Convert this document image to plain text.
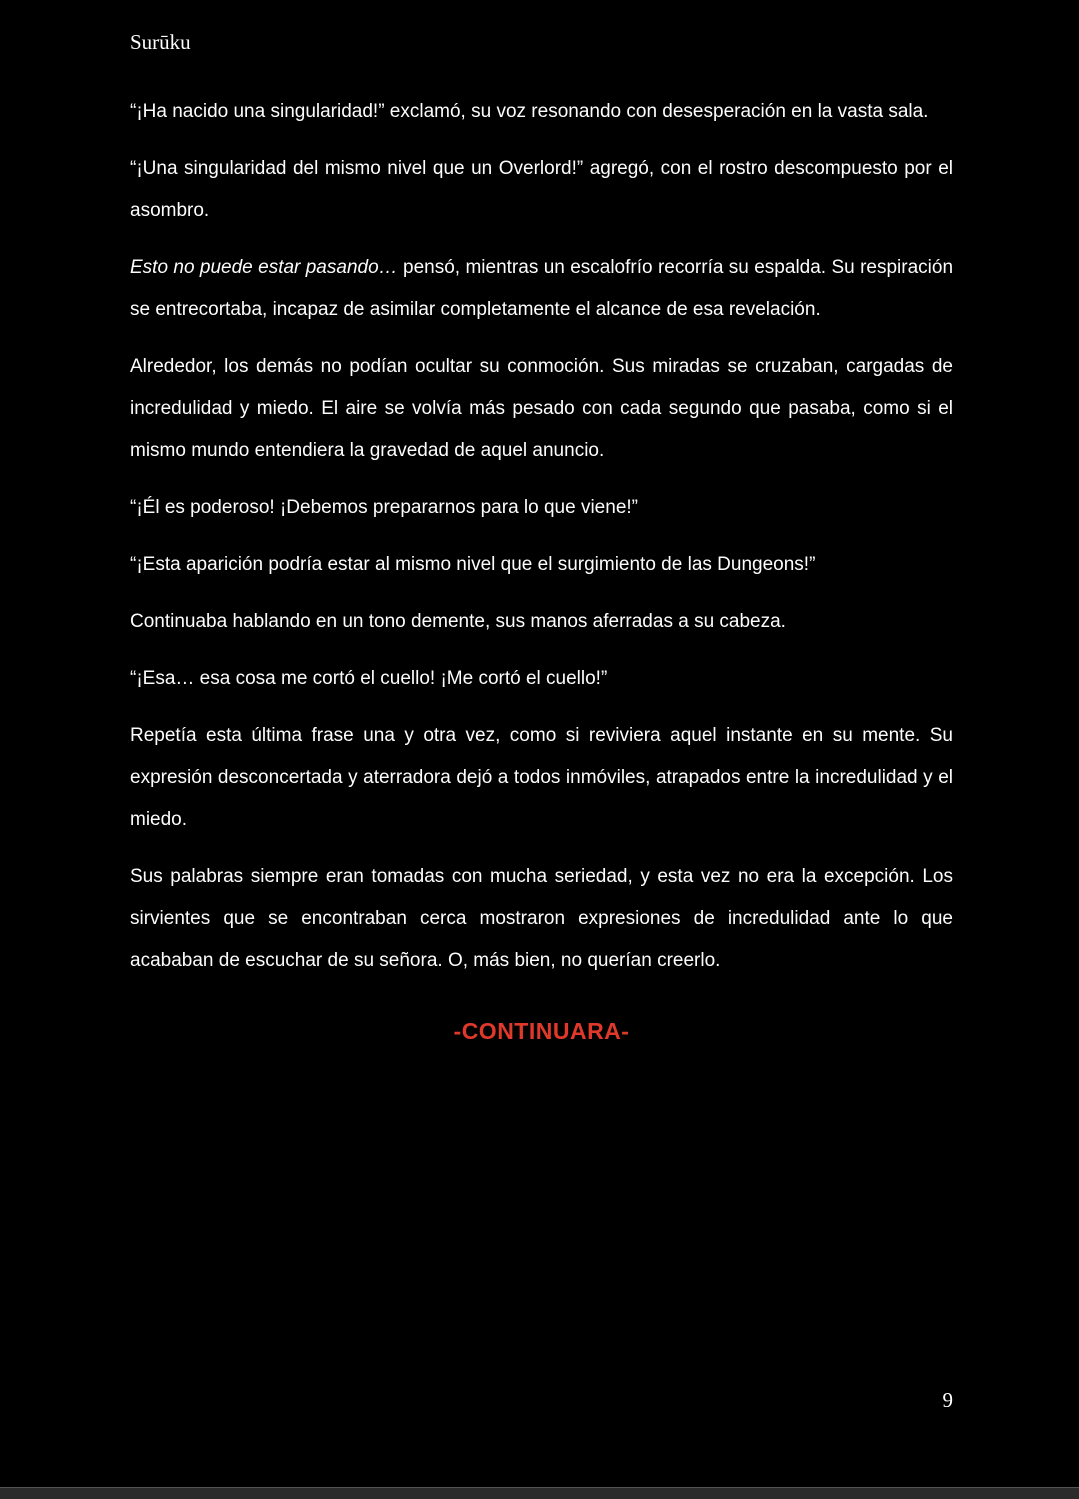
Surūku

“¡Ha nacido una singularidad!” exclamó, su voz resonando con desesperación en la vasta sala.

“¡Una singularidad del mismo nivel que un Overlord!” agregó, con el rostro descompuesto por el asombro.

Esto no puede estar pasando… pensó, mientras un escalofrío recorría su espalda. Su respiración se entrecortaba, incapaz de asimilar completamente el alcance de esa revelación.

Alrededor, los demás no podían ocultar su conmoción. Sus miradas se cruzaban, cargadas de incredulidad y miedo. El aire se volvía más pesado con cada segundo que pasaba, como si el mismo mundo entendiera la gravedad de aquel anuncio.

“¡Él es poderoso! ¡Debemos prepararnos para lo que viene!”

“¡Esta aparición podría estar al mismo nivel que el surgimiento de las Dungeons!”

Continuaba hablando en un tono demente, sus manos aferradas a su cabeza.

“¡Esa… esa cosa me cortó el cuello! ¡Me cortó el cuello!”

Repetía esta última frase una y otra vez, como si reviviera aquel instante en su mente. Su expresión desconcertada y aterradora dejó a todos inmóviles, atrapados entre la incredulidad y el miedo.

Sus palabras siempre eran tomadas con mucha seriedad, y esta vez no era la excepción. Los sirvientes que se encontraban cerca mostraron expresiones de incredulidad ante lo que acababan de escuchar de su señora. O, más bien, no querían creerlo.

-CONTINUARA-
9
